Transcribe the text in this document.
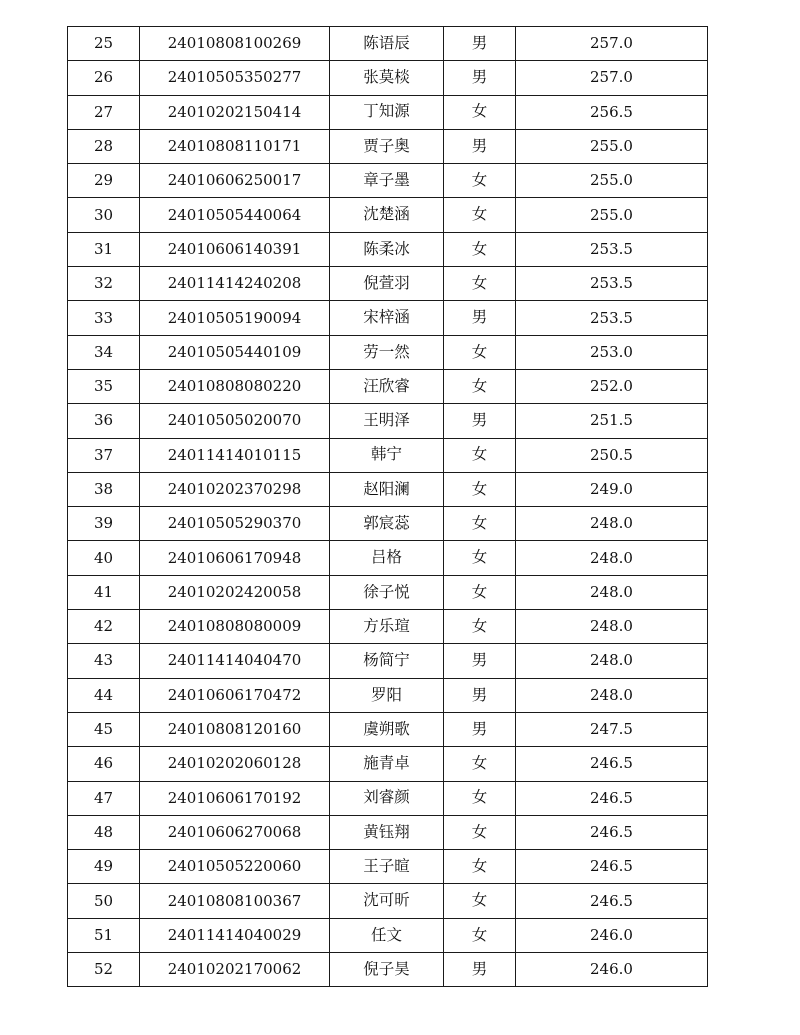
25	24010808100269	陈语辰	男	257.0
26	24010505350277	张莫棪	男	257.0
27	24010202150414	丁知源	女	256.5
28	24010808110171	贾子奥	男	255.0
29	24010606250017	章子墨	女	255.0
30	24010505440064	沈楚涵	女	255.0
31	24010606140391	陈柔冰	女	253.5
32	24011414240208	倪萱羽	女	253.5
33	24010505190094	宋梓涵	男	253.5
34	24010505440109	劳一然	女	253.0
35	24010808080220	汪欣睿	女	252.0
36	24010505020070	王明泽	男	251.5
37	24011414010115	韩宁	女	250.5
38	24010202370298	赵阳澜	女	249.0
39	24010505290370	郭宸蕊	女	248.0
40	24010606170948	吕格	女	248.0
41	24010202420058	徐子悦	女	248.0
42	24010808080009	方乐瑄	女	248.0
43	24011414040470	杨简宁	男	248.0
44	24010606170472	罗阳	男	248.0
45	24010808120160	虞朔歌	男	247.5
46	24010202060128	施青卓	女	246.5
47	24010606170192	刘睿颜	女	246.5
48	24010606270068	黄钰翔	女	246.5
49	24010505220060	王子暄	女	246.5
50	24010808100367	沈可昕	女	246.5
51	24011414040029	任文	女	246.0
52	24010202170062	倪子昊	男	246.0
